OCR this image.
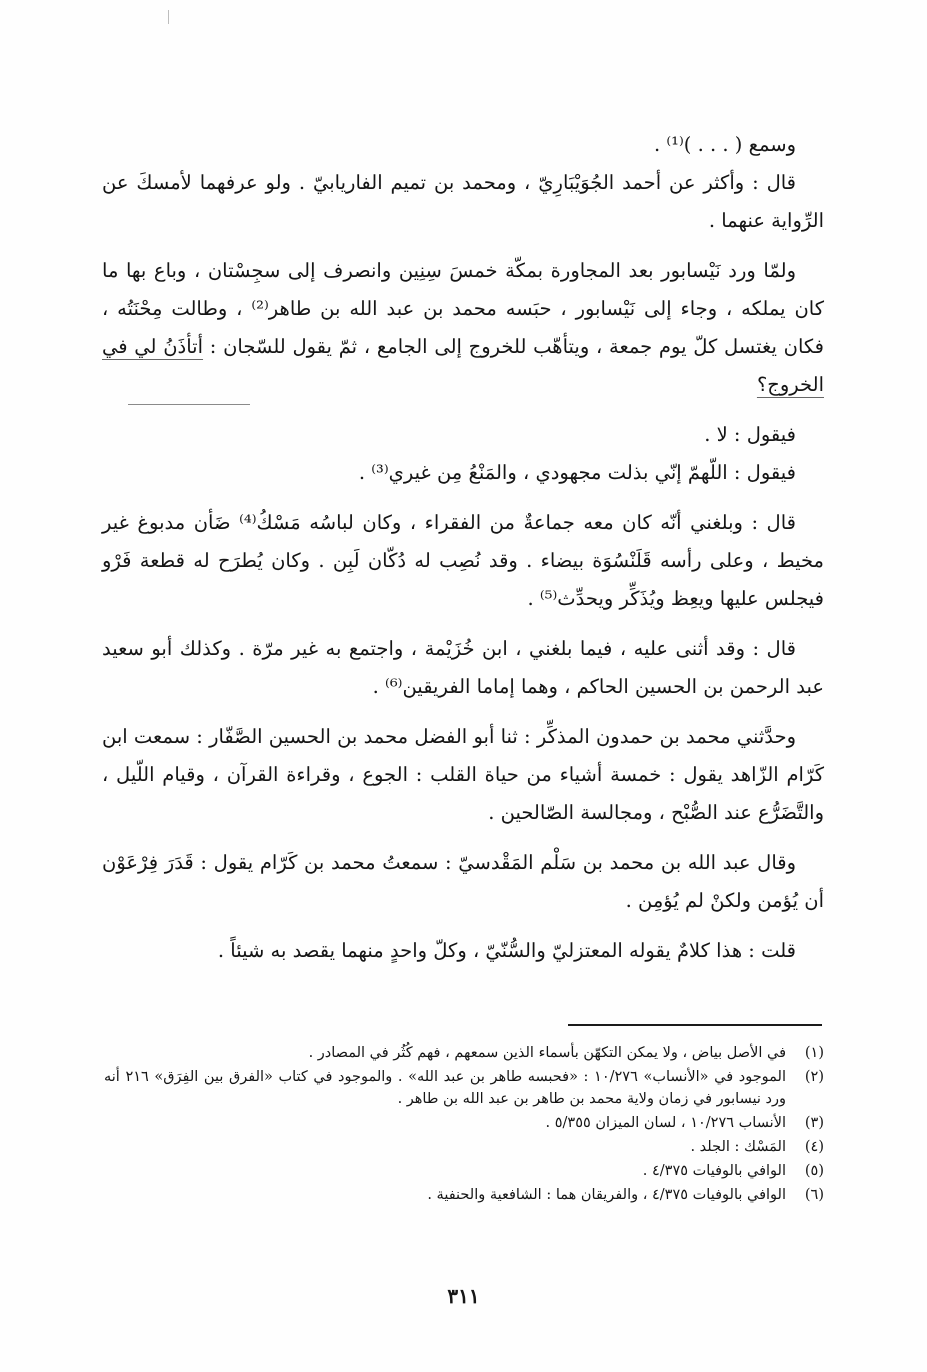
وسمع ( . . . )⁽¹⁾ .

قال : وأكثر عن أحمد الجُوَيْبَارِيّ ، ومحمد بن تميم الفاريابيّ . ولو عرفهما لأمسكَ عن الرِّواية عنهما .

ولمّا ورد نَيْسابور بعد المجاورة بمكّة خمسَ سِنِين وانصرف إلى سجِسْتان ، وباع بها ما كان يملكه ، وجاء إلى نَيْسابور ، حبَسه محمد بن عبد الله بن طاهر⁽²⁾ ، وطالت مِحْنَتُه ، فكان يغتسل كلّ يوم جمعة ، ويتأهّب للخروج إلى الجامع ، ثمّ يقول للسّجان : أتأذَنُ لي في الخروج؟

فيقول : لا .

فيقول : اللّهمّ إنّي بذلت مجهودي ، والمَنْعُ مِن غيري⁽³⁾ .

قال : وبلغني أنّه كان معه جماعةٌ من الفقراء ، وكان لباسُه مَسْكُ⁽⁴⁾ ضَأن مدبوغ غير مخيط ، وعلى رأسه قَلَنْسُوَة بيضاء . وقد نُصِب له دُكّان لَبِن . وكان يُطرَح له قطعة فَرْو فيجلس عليها ويعِظ ويُذَكِّر ويحدِّث⁽⁵⁾ .

قال : وقد أثنى عليه ، فيما بلغني ، ابن خُزَيْمة ، واجتمع به غير مرّة . وكذلك أبو سعيد عبد الرحمن بن الحسين الحاكم ، وهما إماما الفريقين⁽⁶⁾ .

وحدَّثني محمد بن حمدون المذكِّر : ثنا أبو الفضل محمد بن الحسين الصَّفّار : سمعت ابن كَرّام الزّاهد يقول : خمسة أشياء من حياة القلب : الجوع ، وقراءة القرآن ، وقيام اللّيل ، والتَّضَرُّع عند الصُّبْح ، ومجالسة الصّالحين .

وقال عبد الله بن محمد بن سَلْم المَقْدسيّ : سمعتُ محمد بن كَرّام يقول : قَدَرَ فِرْعَوْن أن يُؤمن ولكنْ لم يُؤمِن .

قلت : هذا كلامٌ يقوله المعتزليّ والسُّنّيّ ، وكلّ واحدٍ منهما يقصد به شيئاً .

(١)
في الأصل بياض ، ولا يمكن التكهّن بأسماء الذين سمعهم ، فهم كُثُر في المصادر .
(٢)
الموجود في «الأنساب» ١٠/٢٧٦ : «فحبسه طاهر بن عبد الله» . والموجود في كتاب «الفرق بين الفِرَق» ٢١٦ أنه ورد نيسابور في زمان ولاية محمد بن طاهر بن عبد الله بن طاهر .
(٣)
الأنساب ١٠/٢٧٦ ، لسان الميزان ٥/٣٥٥ .
(٤)
المَسْك : الجلد .
(٥)
الوافي بالوفيات ٤/٣٧٥ .
(٦)
الوافي بالوفيات ٤/٣٧٥ ، والفريقان هما : الشافعية والحنفية .
٣١١
